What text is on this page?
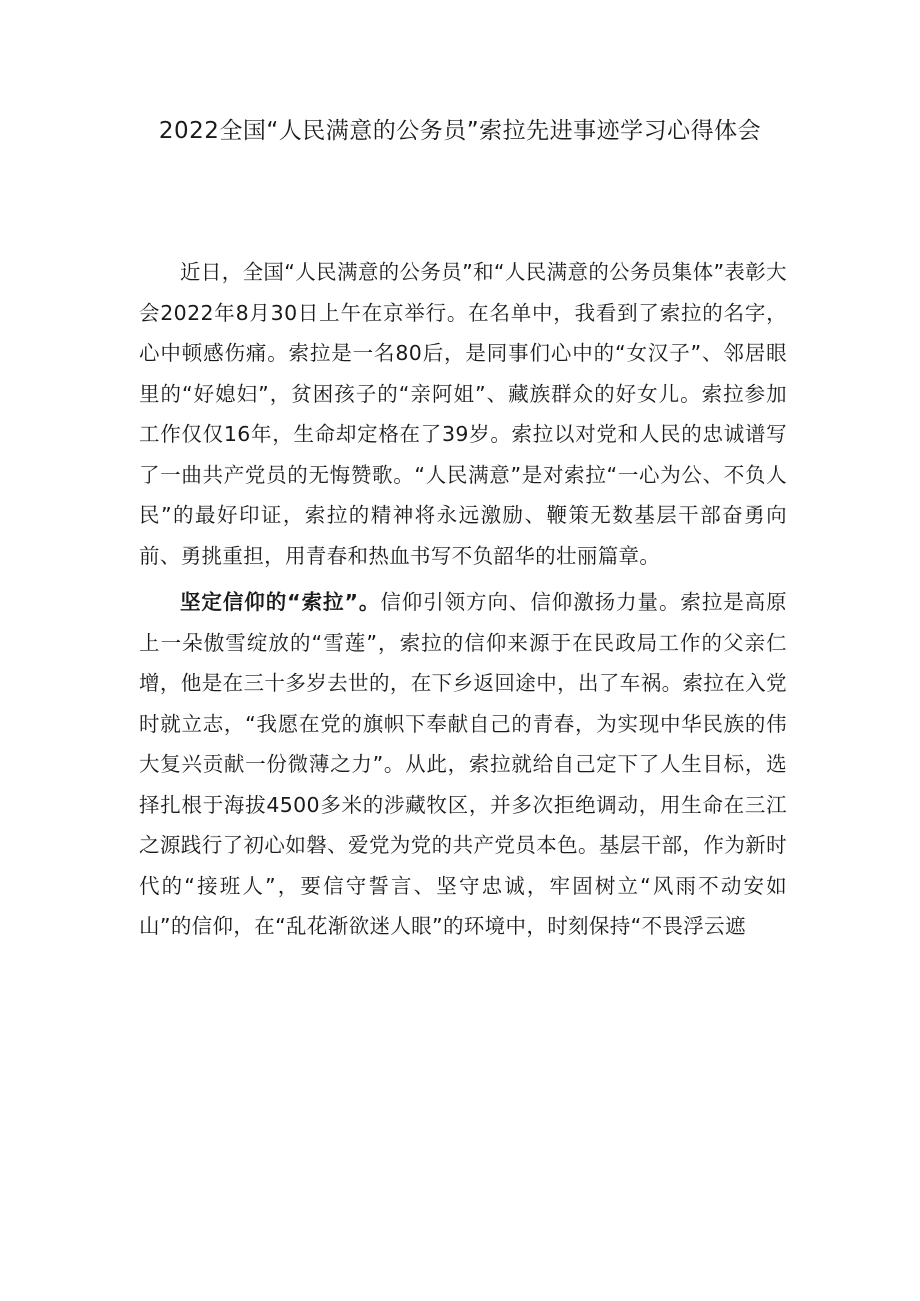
2022全国“人民满意的公务员”索拉先进事迹学习心得体会

近日，全国“人民满意的公务员”和“人民满意的公务员集体”表彰大会2022年8月30日上午在京举行。在名单中，我看到了索拉的名字，心中顿感伤痛。索拉是一名80后，是同事们心中的“女汉子”、邻居眼里的“好媳妇”，贫困孩子的“亲阿姐”、藏族群众的好女儿。索拉参加工作仅仅16年，生命却定格在了39岁。索拉以对党和人民的忠诚谱写了一曲共产党员的无悔赞歌。“人民满意”是对索拉“一心为公、不负人民”的最好印证，索拉的精神将永远激励、鞭策无数基层干部奋勇向前、勇挑重担，用青春和热血书写不负韶华的壮丽篇章。

坚定信仰的“索拉”。信仰引领方向、信仰激扬力量。索拉是高原上一朵傲雪绽放的“雪莲”，索拉的信仰来源于在民政局工作的父亲仁增，他是在三十多岁去世的，在下乡返回途中，出了车祸。索拉在入党时就立志，“我愿在党的旗帜下奉献自己的青春，为实现中华民族的伟大复兴贡献一份微薄之力”。从此，索拉就给自己定下了人生目标，选择扎根于海拔4500多米的涉藏牧区，并多次拒绝调动，用生命在三江之源践行了初心如磐、爱党为党的共产党员本色。基层干部，作为新时代的“接班人”，要信守誓言、坚守忠诚，牢固树立“风雨不动安如山”的信仰，在“乱花渐欲迷人眼”的环境中，时刻保持“不畏浮云遮
